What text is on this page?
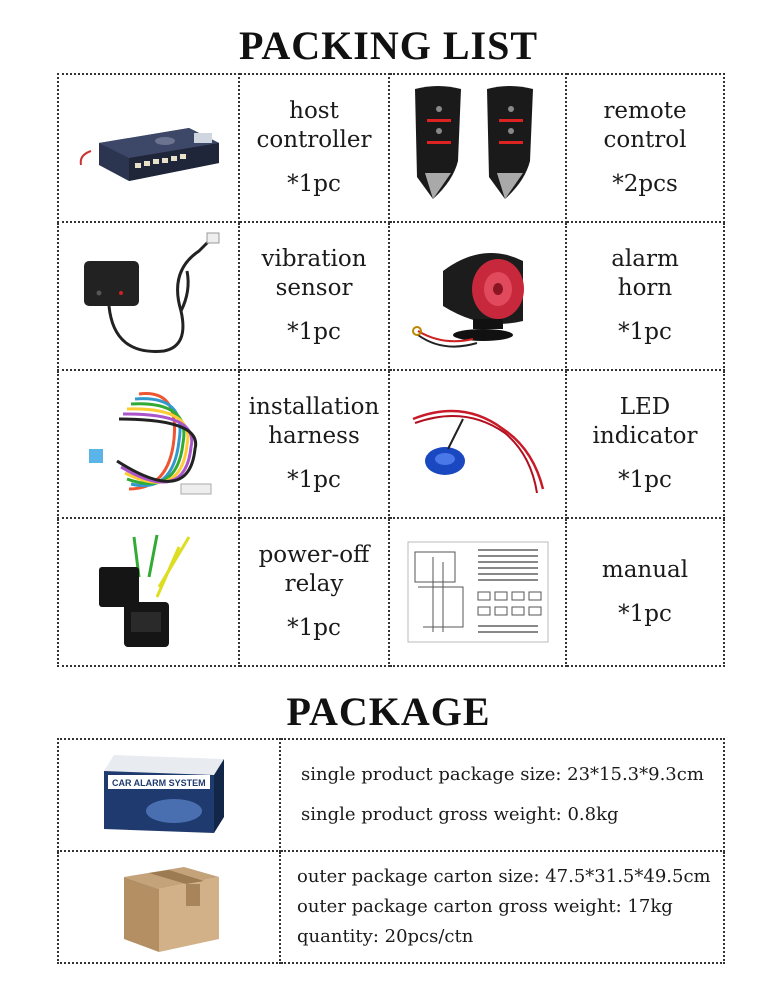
PACKING LIST
	host
controller
*1pc		remote
control
*2pcs

	vibration
sensor
*1pc		alarm
horn
*1pc

	installation
harness
*1pc		LED
indicator
*1pc

	power-off
relay
*1pc		manual
*1pc
PACKAGE
CAR ALARM SYSTEM	single product package size: 23*15.3*9.3cm
single product gross weight: 0.8kg

outer package carton size: 47.5*31.5*49.5cm
outer package carton gross weight: 17kg
quantity: 20pcs/ctn
